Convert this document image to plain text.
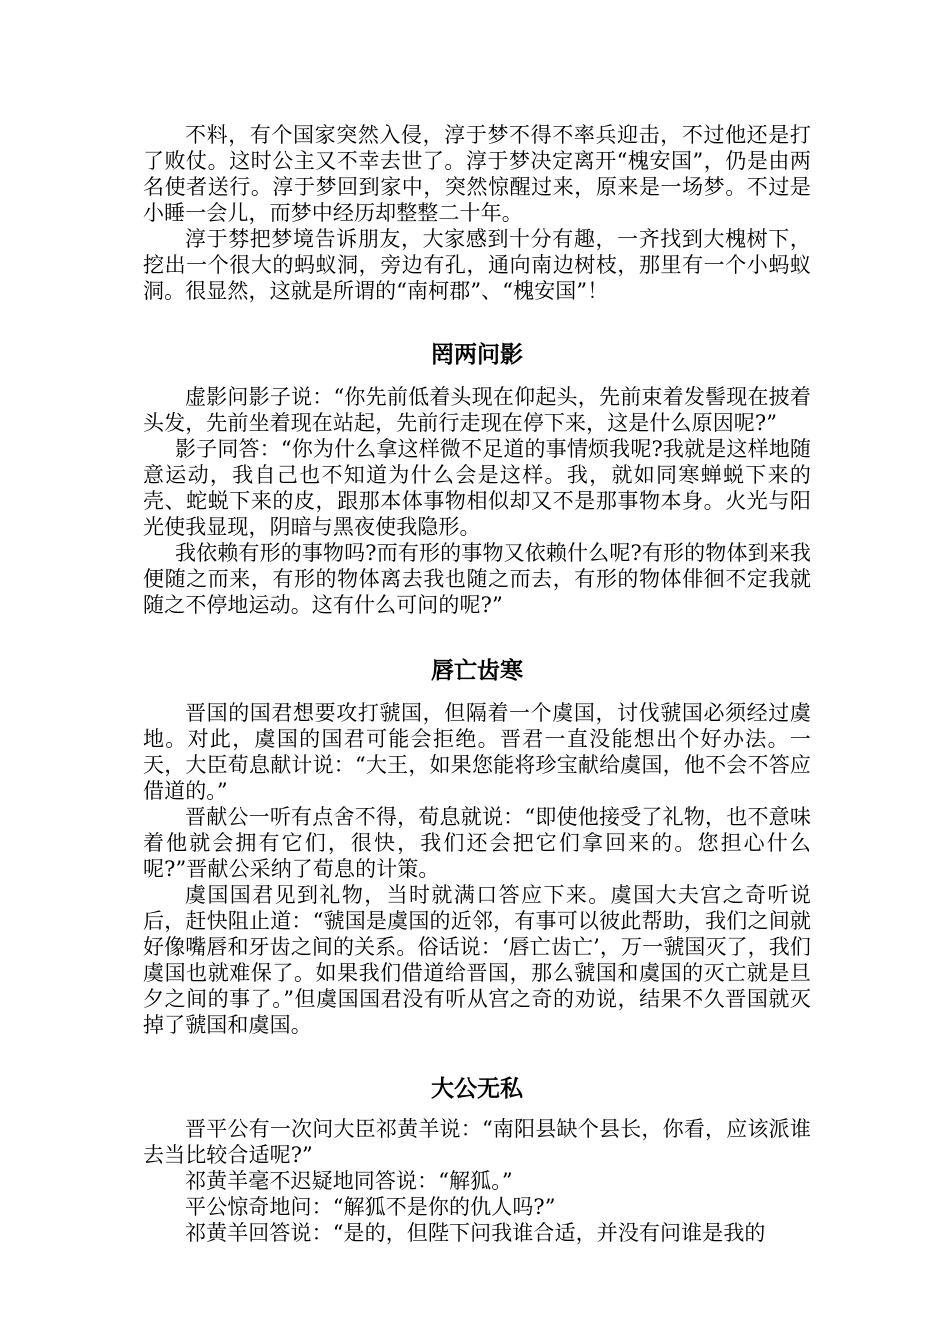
不料，有个国家突然入侵，淳于梦不得不率兵迎击，不过他还是打了败仗。这时公主又不幸去世了。淳于梦决定离开“槐安国”，仍是由两名使者送行。淳于梦回到家中，突然惊醒过来，原来是一场梦。不过是小睡一会儿，而梦中经历却整整二十年。

淳于棼把梦境告诉朋友，大家感到十分有趣，一齐找到大槐树下，挖出一个很大的蚂蚁洞，旁边有孔，通向南边树枝，那里有一个小蚂蚁洞。很显然，这就是所谓的“南柯郡”、“槐安国”！

罔两问影

虚影问影子说：“你先前低着头现在仰起头，先前束着发髻现在披着头发，先前坐着现在站起，先前行走现在停下来，这是什么原因呢?”

影子同答：“你为什么拿这样微不足道的事情烦我呢?我就是这样地随意运动，我自己也不知道为什么会是这样。我，就如同寒蝉蜕下来的壳、蛇蜕下来的皮，跟那本体事物相似却又不是那事物本身。火光与阳光使我显现，阴暗与黑夜使我隐形。

我依赖有形的事物吗?而有形的事物又依赖什么呢?有形的物体到来我便随之而来，有形的物体离去我也随之而去，有形的物体俳徊不定我就随之不停地运动。这有什么可问的呢?”

唇亡齿寒

晋国的国君想要攻打虢国，但隔着一个虞国，讨伐虢国必须经过虞地。对此，虞国的国君可能会拒绝。晋君一直没能想出个好办法。一天，大臣荀息献计说：“大王，如果您能将珍宝献给虞国，他不会不答应借道的。”

晋献公一听有点舍不得，荀息就说：“即使他接受了礼物，也不意味着他就会拥有它们，很快，我们还会把它们拿回来的。您担心什么呢?”晋献公采纳了荀息的计策。

虞国国君见到礼物，当时就满口答应下来。虞国大夫宫之奇听说后，赶快阻止道：“虢国是虞国的近邻，有事可以彼此帮助，我们之间就好像嘴唇和牙齿之间的关系。俗话说：‘唇亡齿亡’，万一虢国灭了，我们虞国也就难保了。如果我们借道给晋国，那么虢国和虞国的灭亡就是旦夕之间的事了。”但虞国国君没有听从宫之奇的劝说，结果不久晋国就灭掉了虢国和虞国。

大公无私

晋平公有一次问大臣祁黄羊说：“南阳县缺个县长，你看，应该派谁去当比较合适呢?”

祁黄羊毫不迟疑地同答说：“解狐。”

平公惊奇地问：“解狐不是你的仇人吗?”

祁黄羊回答说：“是的，但陛下问我谁合适，并没有问谁是我的
